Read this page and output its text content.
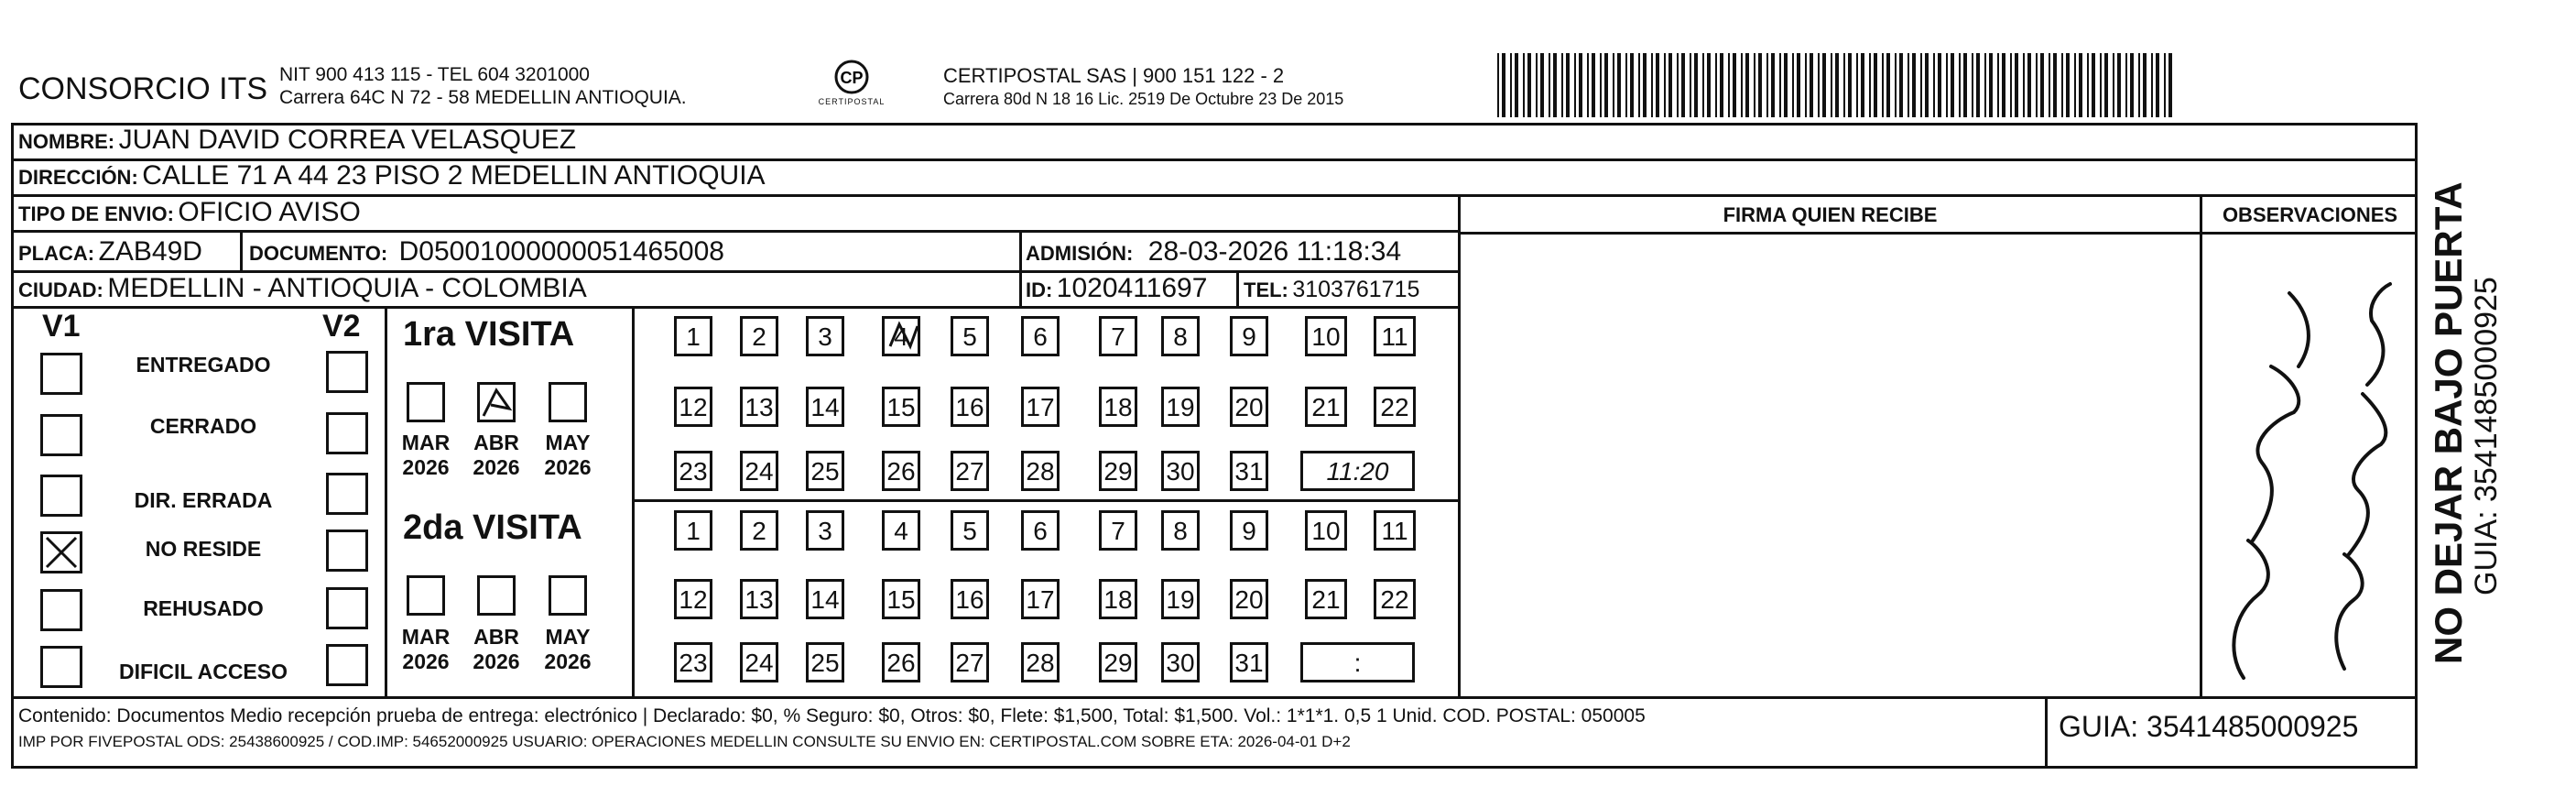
CONSORCIO ITS NIT 900 413 115 - TEL 604 3201000
Carrera 64C N 72 - 58 MEDELLIN ANTIOQUIA.
CP
CERTIPOSTAL
CERTIPOSTAL SAS | 900 151 122 - 2
Carrera 80d N 18 16 Lic. 2519 De Octubre 23 De 2015
NOMBRE: JUAN DAVID CORREA VELASQUEZ
DIRECCIÓN: CALLE 71 A 44 23 PISO 2 MEDELLIN ANTIOQUIA
TIPO DE ENVIO: OFICIO AVISO	FIRMA QUIEN RECIBE	OBSERVACIONES
PLACA: ZAB49D DOCUMENTO: D050010000000514650​08	ADMISIÓN: 28-03-2026 11:18:34
CIUDAD: MEDELLIN - ANTIOQUIA - COLOMBIA	ID: 1020411697 TEL: 3103761715
V1	V2
ENTREGADO
CERRADO
DIR. ERRADA
NO RESIDE
REHUSADO
DIFICIL ACCESO
1ra VISITA
2da VISITA
MAR
2026
ABR
2026
MAY
2026
MAR
2026
ABR
2026
MAY
2026
1	2	3	4	5	6	7	8	9	10	11
12 13 14 15 16 17 18 19 20 21 22
23 24 25 26 27 28 29 30 31	11:20
1	2	3	4	5	6	7	8	9	10	11
12 13 14 15 16 17 18 19 20 21 22
23 24 25 26 27 28 29 30 31	:
Contenido: Documentos Medio recepción prueba de entrega: electrónico | Declarado: $0, % Seguro: $0, Otros: $0, Flete: $1,500, Total: $1,500. Vol.: 1*1*1. 0,5 1 Unid. COD. POSTAL: 050005
IMP POR FIVEPOSTAL ODS: 25438600925 / COD.IMP: 54652000925 USUARIO: OPERACIONES MEDELLIN CONSULTE SU ENVIO EN: CERTIPOSTAL.COM SOBRE ETA: 2026-04-01 D+2	GUIA: 3541485000925
NO DEJAR BAJO PUERTA GUIA: 3541485000925
